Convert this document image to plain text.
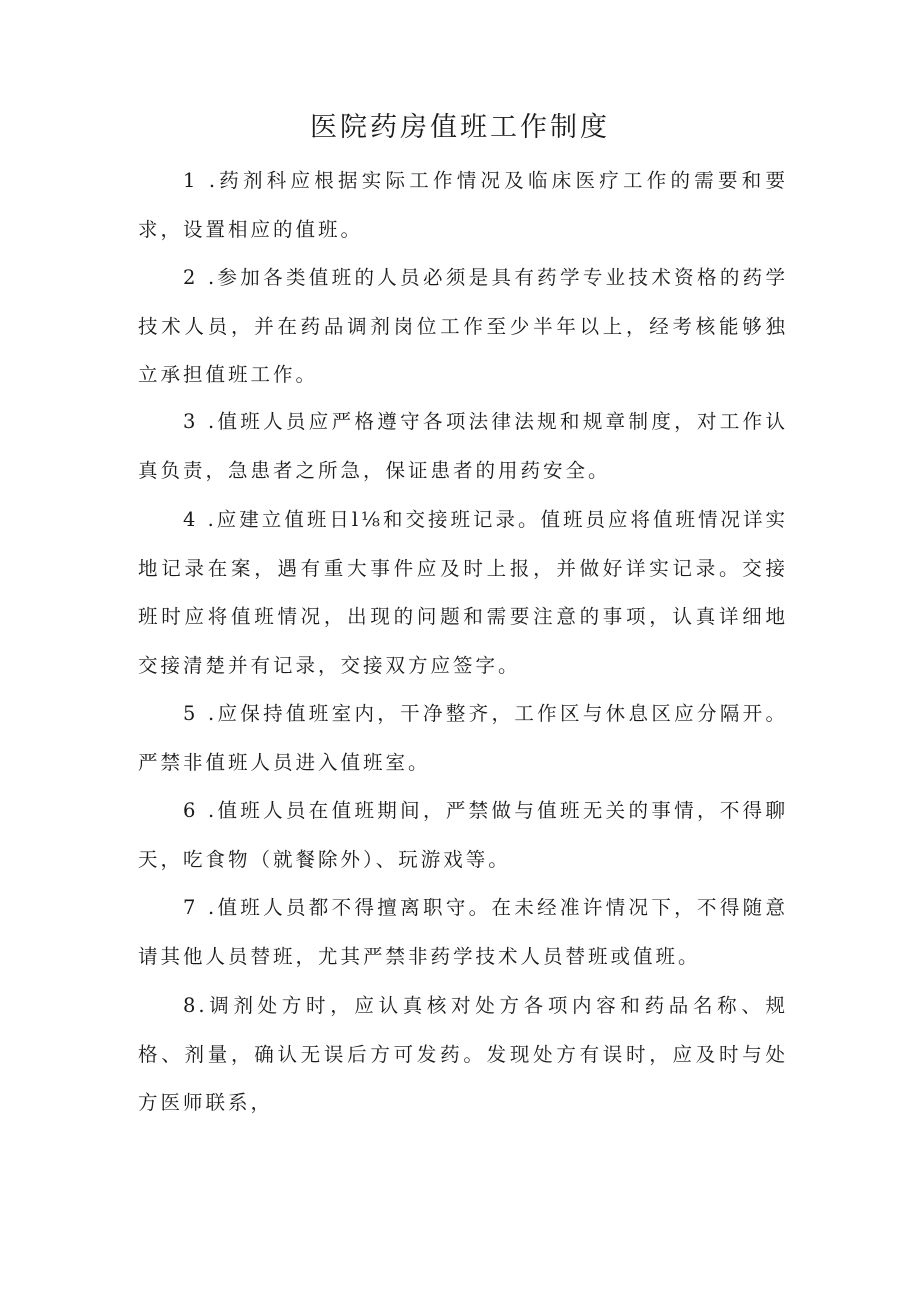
医院药房值班工作制度

1 .药剂科应根据实际工作情况及临床医疗工作的需要和要求，设置相应的值班。

2 .参加各类值班的人员必须是具有药学专业技术资格的药学技术人员，并在药品调剂岗位工作至少半年以上，经考核能够独立承担值班工作。

3 .值班人员应严格遵守各项法律法规和规章制度，对工作认真负责，急患者之所急，保证患者的用药安全。

4 .应建立值班日l⅛和交接班记录。值班员应将值班情况详实地记录在案，遇有重大事件应及时上报，并做好详实记录。交接班时应将值班情况，出现的问题和需要注意的事项，认真详细地交接清楚并有记录，交接双方应签字。

5 .应保持值班室内，干净整齐，工作区与休息区应分隔开。严禁非值班人员进入值班室。

6 .值班人员在值班期间，严禁做与值班无关的事情，不得聊天，吃食物（就餐除外）、玩游戏等。

7 .值班人员都不得擅离职守。在未经准许情况下，不得随意请其他人员替班，尤其严禁非药学技术人员替班或值班。

8.调剂处方时，应认真核对处方各项内容和药品名称、规格、剂量，确认无误后方可发药。发现处方有误时，应及时与处方医师联系，
